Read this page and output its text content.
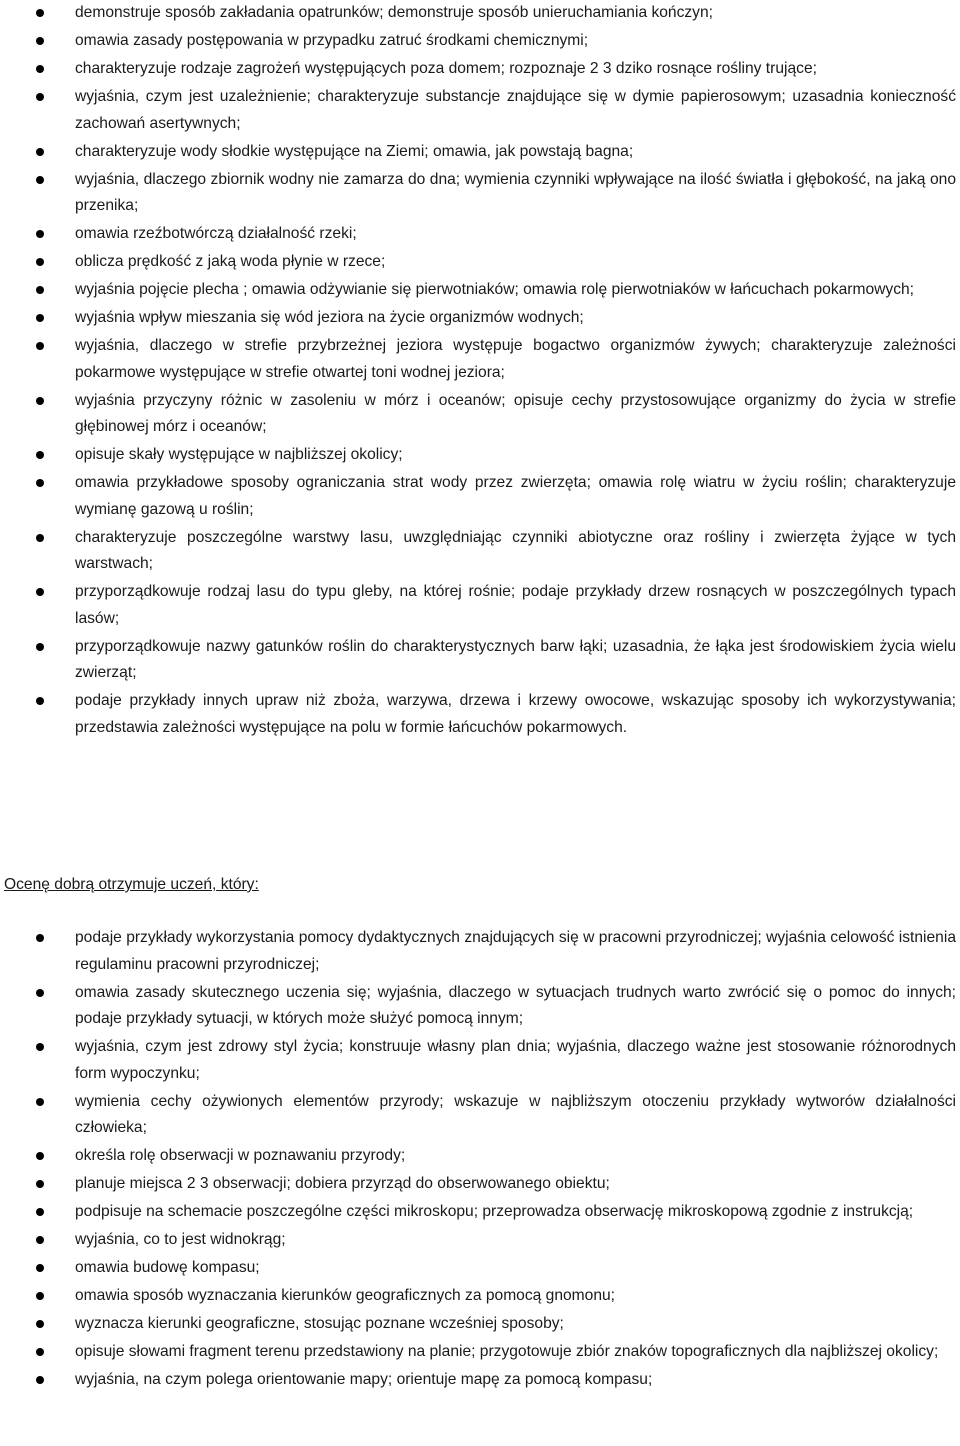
demonstruje sposób zakładania opatrunków; demonstruje sposób unieruchamiania kończyn;
omawia zasady postępowania w przypadku zatruć środkami chemicznymi;
charakteryzuje rodzaje zagrożeń występujących poza domem; rozpoznaje 2 3 dziko rosnące rośliny trujące;
wyjaśnia, czym jest uzależnienie; charakteryzuje substancje znajdujące się w dymie papierosowym; uzasadnia konieczność zachowań asertywnych;
charakteryzuje wody słodkie występujące na Ziemi; omawia, jak powstają bagna;
wyjaśnia, dlaczego zbiornik wodny nie zamarza do dna; wymienia czynniki wpływające na ilość światła i głębokość, na jaką ono przenika;
omawia rzeźbotwórczą działalność rzeki;
oblicza prędkość z jaką woda płynie w rzece;
wyjaśnia pojęcie plecha ; omawia odżywianie się pierwotniaków; omawia rolę pierwotniaków w łańcuchach pokarmowych;
wyjaśnia wpływ mieszania się wód jeziora na życie organizmów wodnych;
wyjaśnia, dlaczego w strefie przybrzeżnej jeziora występuje bogactwo organizmów żywych; charakteryzuje zależności pokarmowe występujące w strefie otwartej toni wodnej jeziora;
wyjaśnia przyczyny różnic w zasoleniu w mórz i oceanów; opisuje cechy przystosowujące organizmy do życia w strefie głębinowej mórz i oceanów;
opisuje skały występujące w najbliższej okolicy;
omawia przykładowe sposoby ograniczania strat wody przez zwierzęta; omawia rolę wiatru w życiu roślin; charakteryzuje wymianę gazową u roślin;
charakteryzuje poszczególne warstwy lasu, uwzględniając czynniki abiotyczne oraz rośliny i zwierzęta żyjące w tych warstwach;
przyporządkowuje rodzaj lasu do typu gleby, na której rośnie; podaje przykłady drzew rosnących w poszczególnych typach lasów;
przyporządkowuje nazwy gatunków roślin do charakterystycznych barw łąki; uzasadnia, że łąka jest środowiskiem życia wielu zwierząt;
podaje przykłady innych upraw niż zboża, warzywa, drzewa i krzewy owocowe, wskazując sposoby ich wykorzystywania; przedstawia zależności występujące na polu w formie łańcuchów pokarmowych.
Ocenę dobrą otrzymuje uczeń, który:
podaje przykłady wykorzystania pomocy dydaktycznych znajdujących się w pracowni przyrodniczej; wyjaśnia celowość istnienia regulaminu pracowni przyrodniczej;
omawia zasady skutecznego uczenia się; wyjaśnia, dlaczego w sytuacjach trudnych warto zwrócić się o pomoc do innych; podaje przykłady sytuacji, w których może służyć pomocą innym;
wyjaśnia, czym jest zdrowy styl życia; konstruuje własny plan dnia; wyjaśnia, dlaczego ważne jest stosowanie różnorodnych form wypoczynku;
wymienia cechy ożywionych elementów przyrody; wskazuje w najbliższym otoczeniu przykłady wytworów działalności człowieka;
określa rolę obserwacji w poznawaniu przyrody;
planuje miejsca 2 3 obserwacji; dobiera przyrząd do obserwowanego obiektu;
podpisuje na schemacie poszczególne części mikroskopu; przeprowadza obserwację mikroskopową zgodnie z instrukcją;
wyjaśnia, co to jest widnokrąg;
omawia budowę kompasu;
omawia sposób wyznaczania kierunków geograficznych za pomocą gnomonu;
wyznacza kierunki geograficzne, stosując poznane wcześniej sposoby;
opisuje słowami fragment terenu przedstawiony na planie; przygotowuje zbiór znaków topograficznych dla najbliższej okolicy;
wyjaśnia, na czym polega orientowanie mapy; orientuje mapę za pomocą kompasu;
